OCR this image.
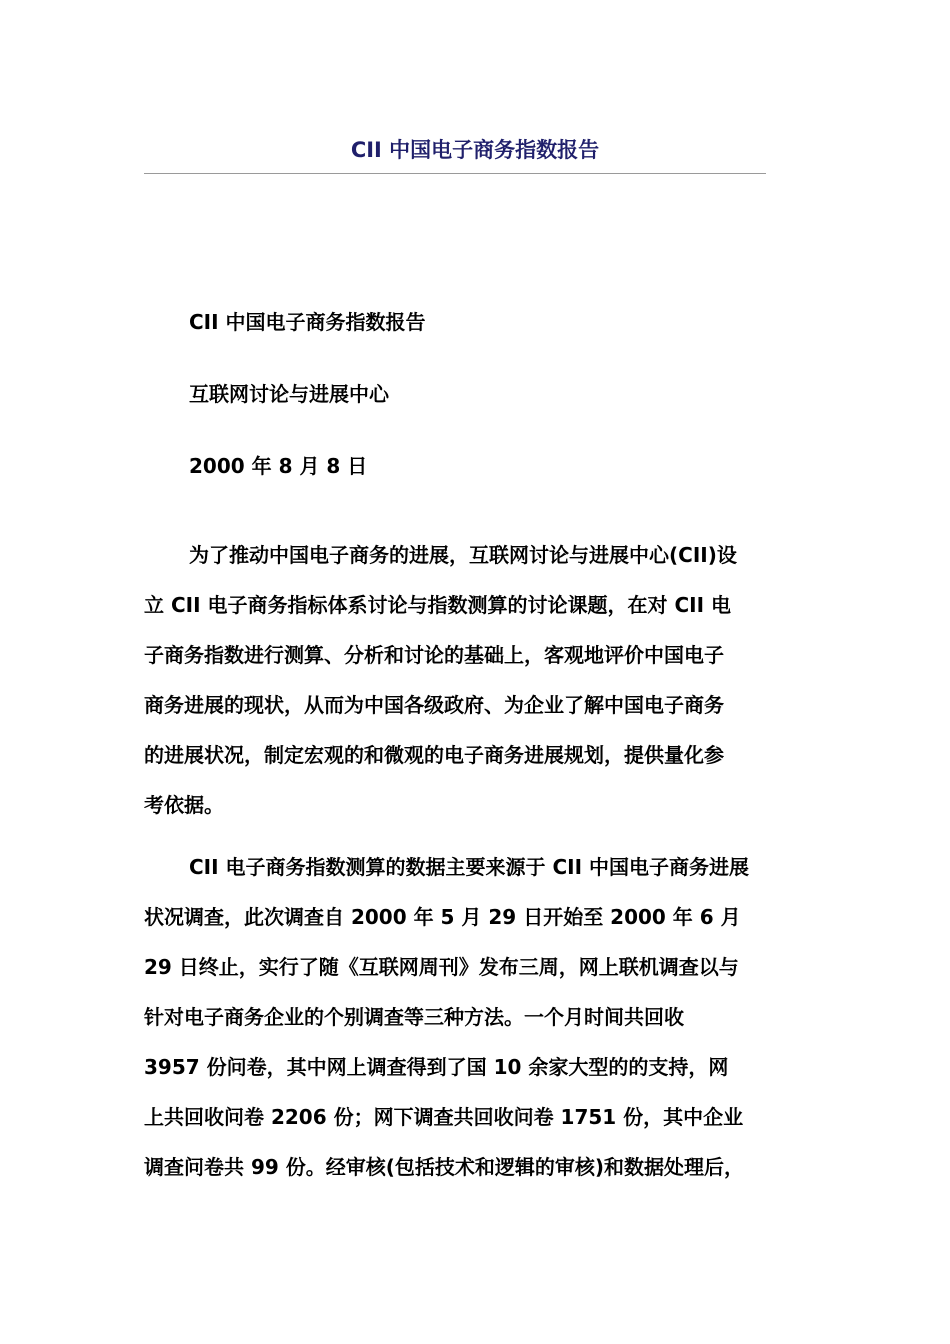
CII 中国电子商务指数报告

CII 中国电子商务指数报告

互联网讨论与进展中心

2000 年 8 月 8 日

为了推动中国电子商务的进展，互联网讨论与进展中心(CII)设
立 CII 电子商务指标体系讨论与指数测算的讨论课题，在对 CII 电
子商务指数进行测算、分析和讨论的基础上，客观地评价中国电子
商务进展的现状，从而为中国各级政府、为企业了解中国电子商务
的进展状况，制定宏观的和微观的电子商务进展规划，提供量化参
考依据。

CII 电子商务指数测算的数据主要来源于 CII 中国电子商务进展
状况调查，此次调查自 2000 年 5 月 29 日开始至 2000 年 6 月
29 日终止，实行了随《互联网周刊》发布三周，网上联机调查以与
针对电子商务企业的个别调查等三种方法。一个月时间共回收
3957 份问卷，其中网上调查得到了国 10 余家大型的的支持，网
上共回收问卷 2206 份；网下调查共回收问卷 1751 份，其中企业
调查问卷共 99 份。经审核(包括技术和逻辑的审核)和数据处理后，
